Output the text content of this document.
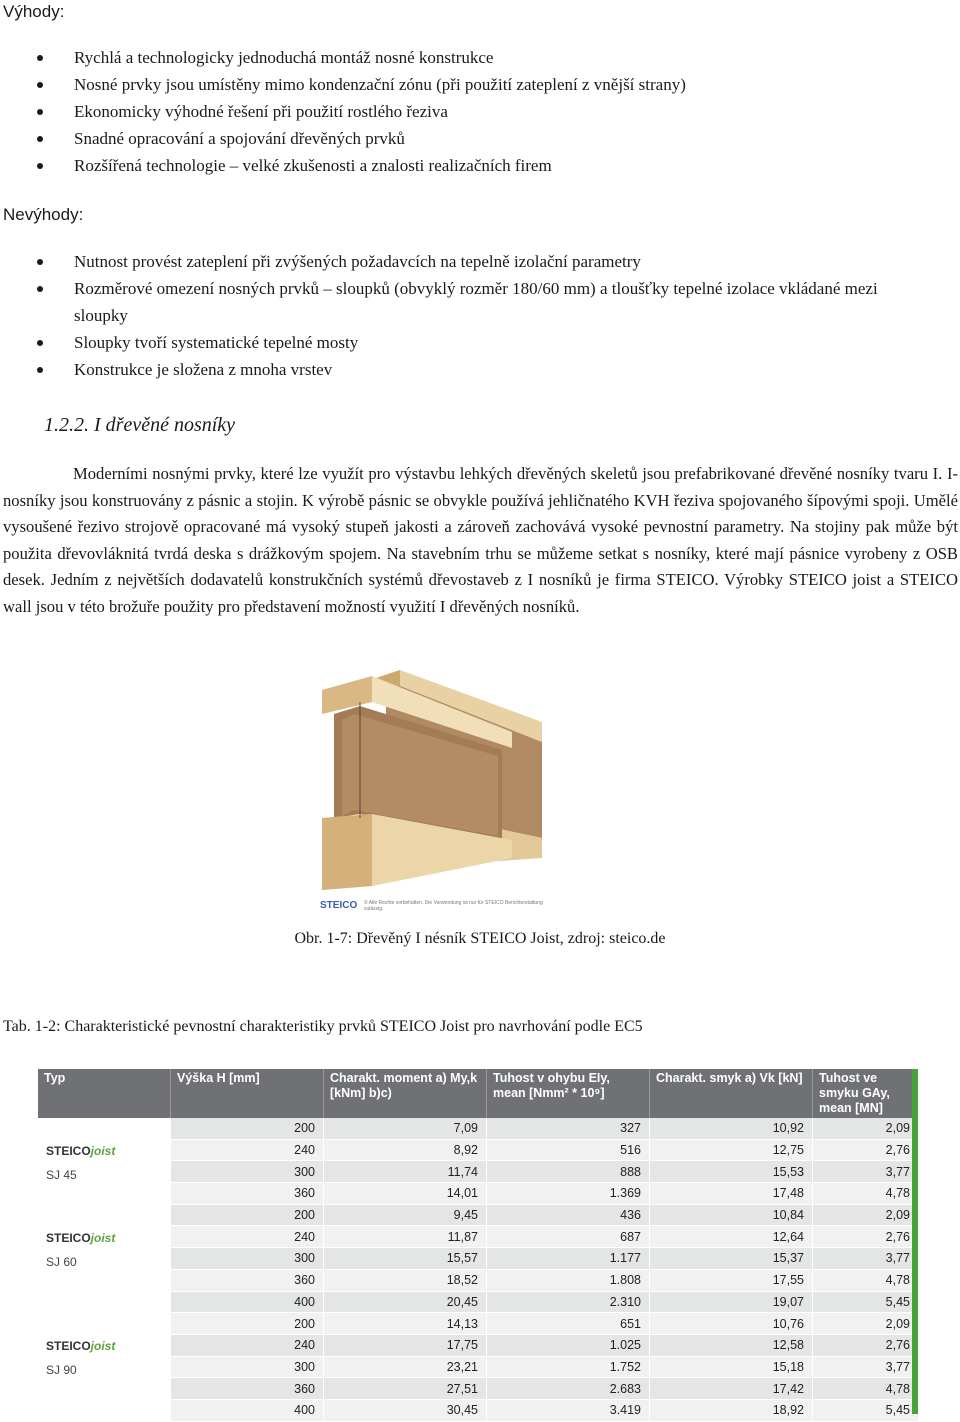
Výhody:
Rychlá a technologicky jednoduchá montáž nosné konstrukce
Nosné prvky jsou umístěny mimo kondenzační zónu (při použití zateplení z vnější strany)
Ekonomicky výhodné řešení při použití rostlého řeziva
Snadné opracování a spojování dřevěných prvků
Rozšířená technologie – velké zkušenosti a znalosti realizačních firem
Nevýhody:
Nutnost provést zateplení při zvýšených požadavcích na tepelně izolační parametry
Rozměrové omezení nosných prvků – sloupků (obvyklý rozměr 180/60 mm) a tloušťky tepelné izolace vkládané mezi sloupky
Sloupky tvoří systematické tepelné mosty
Konstrukce je složena z mnoha vrstev
1.2.2. I dřevěné nosníky
Moderními nosnými prvky, které lze využít pro výstavbu lehkých dřevěných skeletů jsou prefabrikované dřevěné nosníky tvaru I. I-nosníky jsou konstruovány z pásnic a stojin. K výrobě pásnic se obvykle používá jehličnatého KVH řeziva spojovaného šípovými spoji. Umělé vysoušené řezivo strojově opracované má vysoký stupeň jakosti a zároveň zachovává vysoké pevnostní parametry. Na stojiny pak může být použita dřevovláknitá tvrdá deska s drážkovým spojem. Na stavebním trhu se můžeme setkat s nosníky, které mají pásnice vyrobeny z OSB desek. Jedním z největších dodavatelů konstrukčních systémů dřevostaveb z I nosníků je firma STEICO. Výrobky STEICO joist a STEICO wall jsou v této brožuře použity pro představení možností využití I dřevěných nosníků.
STEICO © Alle Rechte vorbehalten. Die Verwendung ist nur für STEICO Berichterstattung zulässig.
Obr. 1-7: Dřevěný I nésník STEICO Joist, zdroj: steico.de
Tab. 1-2: Charakteristické pevnostní charakteristiky prvků STEICO Joist pro navrhování podle EC5
Typ	Výška H [mm]	Charakt. moment a) My,k [kNm] b)c)	Tuhost v ohybu EIy, mean [Nmm² * 10⁹]	Charakt. smyk a) Vk [kN]	Tuhost ve smyku GAy, mean [MN]
STEICOjoist
SJ 45	200	7,09	327	10,92	2,09
	240	8,92	516	12,75	2,76
	300	11,74	888	15,53	3,77
	360	14,01	1.369	17,48	4,78
STEICOjoist
SJ 60	200	9,45	436	10,84	2,09
	240	11,87	687	12,64	2,76
	300	15,57	1.177	15,37	3,77
	360	18,52	1.808	17,55	4,78
	400	20,45	2.310	19,07	5,45
STEICOjoist
SJ 90	200	14,13	651	10,76	2,09
	240	17,75	1.025	12,58	2,76
	300	23,21	1.752	15,18	3,77
	360	27,51	2.683	17,42	4,78
	400	30,45	3.419	18,92	5,45
